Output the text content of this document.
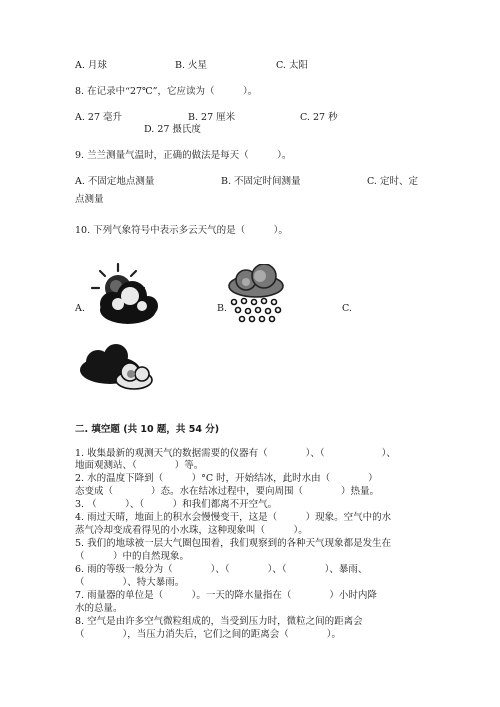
A. 月球	B. 火星	C. 太阳
8. 在记录中“27℃”，它应读为（　　　）。
A. 27 毫升	B. 27 厘米	C. 27 秒
D. 27 摄氏度
9. 兰兰测量气温时，正确的做法是每天（　　　）。
A. 不固定地点测量	B. 不固定时间测量	C. 定时、定
点测量
10. 下列气象符号中表示多云天气的是（　　　）。
A.	B.	C.
二. 填空题 (共 10 题，共 54 分)
1. 收集最新的观测天气的数据需要的仪器有（　　　　）、（　　　　　　）、
地面观测站、（　　　　）等。
2. 水的温度下降到（　　　）°C 时，开始结冰，此时水由（　　　　）
态变成（　　　　）态。水在结冰过程中，要向周围（　　　　）热量。
3. （　　　）、（　　　）和我们都离不开空气。
4. 雨过天晴，地面上的积水会慢慢变干，这是（　　　）现象。空气中的水
蒸气冷却变成看得见的小水珠，这种现象叫（　　　）。
5. 我们的地球被一层大气圈包围着，我们观察到的各种天气现象都是发生在
（　　　）中的自然现象。
6. 雨的等级一般分为（　　　　）、（　　　　）、（　　　　）、暴雨、
（　　　　）、特大暴雨。
7. 雨量器的单位是（　　　）。一天的降水量指在（　　　　）小时内降
水的总量。
8. 空气是由许多空气微粒组成的，当受到压力时，微粒之间的距离会
（　　　　），当压力消失后，它们之间的距离会（　　　　）。
